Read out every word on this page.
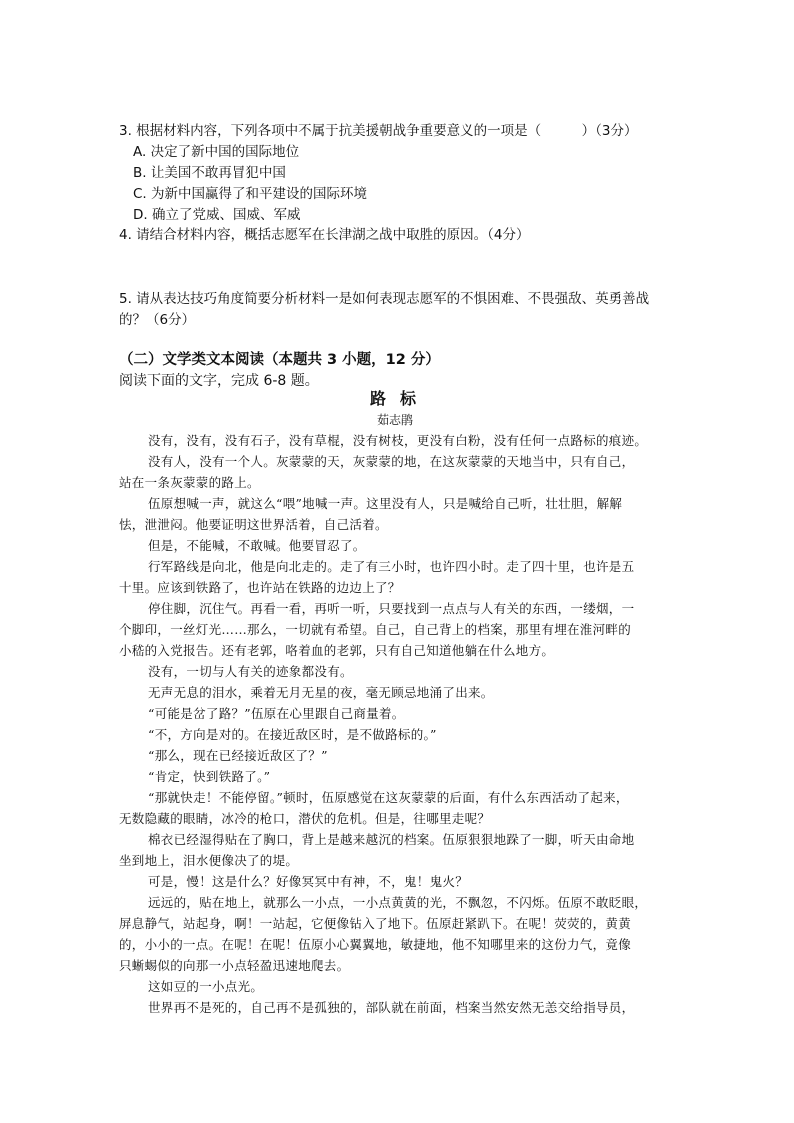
3. 根据材料内容，下列各项中不属于抗美援朝战争重要意义的一项是（　　　）（3分）
A. 决定了新中国的国际地位
B. 让美国不敢再冒犯中国
C. 为新中国赢得了和平建设的国际环境
D. 确立了党威、国威、军威
4. 请结合材料内容，概括志愿军在长津湖之战中取胜的原因。（4分）
5. 请从表达技巧角度简要分析材料一是如何表现志愿军的不惧困难、不畏强敌、英勇善战
的？（6分）
（二）文学类文本阅读（本题共 3 小题，12 分）
阅读下面的文字，完成 6-8 题。
路标
茹志鹃
没有，没有，没有石子，没有草棍，没有树枝，更没有白粉，没有任何一点路标的痕迹。
没有人，没有一个人。灰蒙蒙的天，灰蒙蒙的地，在这灰蒙蒙的天地当中，只有自己，
站在一条灰蒙蒙的路上。
伍原想喊一声，就这么“喂”地喊一声。这里没有人，只是喊给自己听，壮壮胆，解解
怯，泄泄闷。他要证明这世界活着，自己活着。
但是，不能喊，不敢喊。他要冒忍了。
行军路线是向北，他是向北走的。走了有三小时，也许四小时。走了四十里，也许是五
十里。应该到铁路了，也许站在铁路的边边上了？
停住脚，沉住气。再看一看，再听一听，只要找到一点点与人有关的东西，一缕烟，一
个脚印，一丝灯光……那么，一切就有希望。自己，自己背上的档案，那里有埋在淮河畔的
小嵇的入党报告。还有老郭，咯着血的老郭，只有自己知道他躺在什么地方。
没有，一切与人有关的迹象都没有。
无声无息的泪水，乘着无月无星的夜，毫无顾忌地涌了出来。
“可能是岔了路？”伍原在心里跟自己商量着。
“不，方向是对的。在接近敌区时，是不做路标的。”
“那么，现在已经接近敌区了？”
“肯定，快到铁路了。”
“那就快走！不能停留。”顿时，伍原感觉在这灰蒙蒙的后面，有什么东西活动了起来，
无数隐藏的眼睛，冰冷的枪口，潜伏的危机。但是，往哪里走呢？
棉衣已经湿得贴在了胸口，背上是越来越沉的档案。伍原狠狠地跺了一脚，听天由命地
坐到地上，泪水便像决了的堤。
可是，慢！这是什么？好像冥冥中有神，不，鬼！鬼火？
远远的，贴在地上，就那么一小点，一小点黄黄的光，不飘忽，不闪烁。伍原不敢眨眼，
屏息静气，站起身，啊！一站起，它便像钻入了地下。伍原赶紧趴下。在呢！荧荧的，黄黄
的，小小的一点。在呢！在呢！伍原小心翼翼地，敏捷地，他不知哪里来的这份力气，竟像
只蜥蜴似的向那一小点轻盈迅速地爬去。
这如豆的一小点光。
世界再不是死的，自己再不是孤独的，部队就在前面，档案当然安然无恙交给指导员，
